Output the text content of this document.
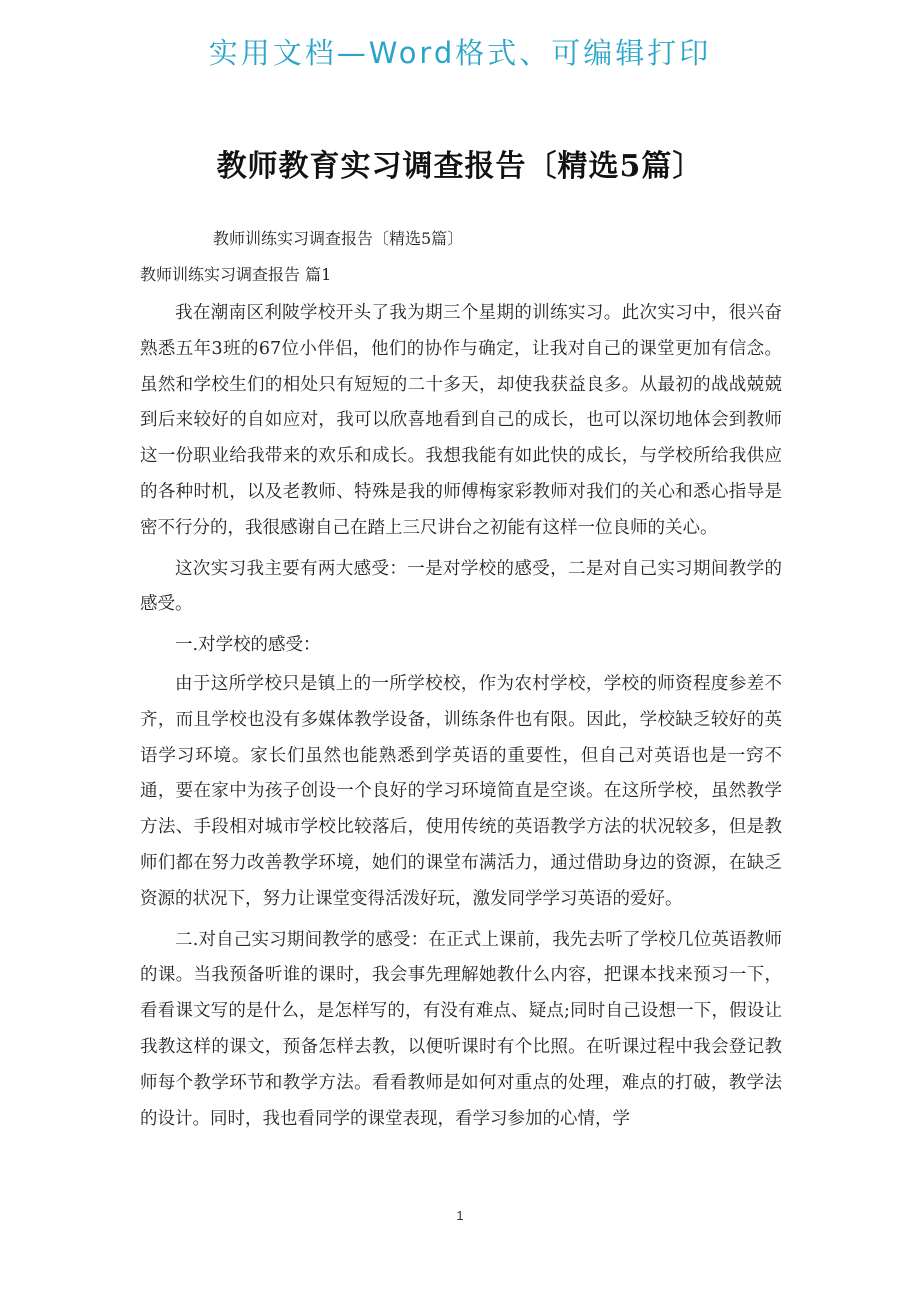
实用文档—Word格式、可编辑打印
教师教育实习调查报告〔精选5篇〕
教师训练实习调查报告〔精选5篇〕
教师训练实习调查报告 篇1

我在潮南区利陂学校开头了我为期三个星期的训练实习。此次实习中，很兴奋熟悉五年3班的67位小伴侣，他们的协作与确定，让我对自己的课堂更加有信念。虽然和学校生们的相处只有短短的二十多天，却使我获益良多。从最初的战战兢兢到后来较好的自如应对，我可以欣喜地看到自己的成长，也可以深切地体会到教师这一份职业给我带来的欢乐和成长。我想我能有如此快的成长，与学校所给我供应的各种时机，以及老教师、特殊是我的师傅梅家彩教师对我们的关心和悉心指导是密不行分的，我很感谢自己在踏上三尺讲台之初能有这样一位良师的关心。

这次实习我主要有两大感受：一是对学校的感受，二是对自己实习期间教学的感受。

一.对学校的感受：

由于这所学校只是镇上的一所学校校，作为农村学校，学校的师资程度参差不齐，而且学校也没有多媒体教学设备，训练条件也有限。因此，学校缺乏较好的英语学习环境。家长们虽然也能熟悉到学英语的重要性，但自己对英语也是一窍不通，要在家中为孩子创设一个良好的学习环境简直是空谈。在这所学校，虽然教学方法、手段相对城市学校比较落后，使用传统的英语教学方法的状况较多，但是教师们都在努力改善教学环境，她们的课堂布满活力，通过借助身边的资源，在缺乏资源的状况下，努力让课堂变得活泼好玩，激发同学学习英语的爱好。

二.对自己实习期间教学的感受：在正式上课前，我先去听了学校几位英语教师的课。当我预备听谁的课时，我会事先理解她教什么内容，把课本找来预习一下，看看课文写的是什么，是怎样写的，有没有难点、疑点;同时自己设想一下，假设让我教这样的课文，预备怎样去教，以便听课时有个比照。在听课过程中我会登记教师每个教学环节和教学方法。看看教师是如何对重点的处理，难点的打破，教学法的设计。同时，我也看同学的课堂表现，看学习参加的心情，学

1
